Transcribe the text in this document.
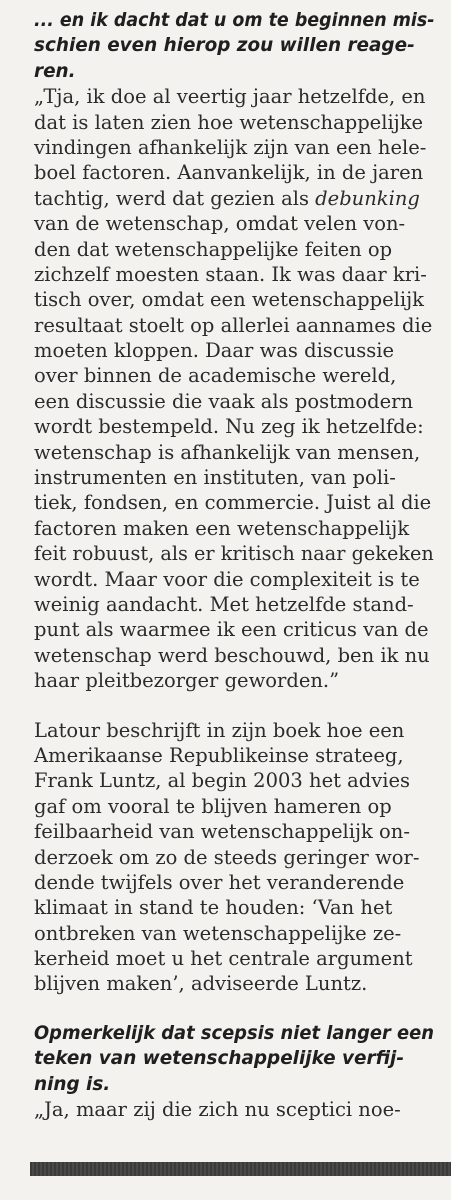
... en ik dacht dat u om te beginnen mis-
schien even hierop zou willen reage-
ren.
„Tja, ik doe al veertig jaar hetzelfde, en
dat is laten zien hoe wetenschappelijke
vindingen afhankelijk zijn van een hele-
boel factoren. Aanvankelijk, in de jaren
tachtig, werd dat gezien als debunking
van de wetenschap, omdat velen von-
den dat wetenschappelijke feiten op
zichzelf moesten staan. Ik was daar kri-
tisch over, omdat een wetenschappelijk
resultaat stoelt op allerlei aannames die
moeten kloppen. Daar was discussie
over binnen de academische wereld,
een discussie die vaak als postmodern
wordt bestempeld. Nu zeg ik hetzelfde:
wetenschap is afhankelijk van mensen,
instrumenten en instituten, van poli-
tiek, fondsen, en commercie. Juist al die
factoren maken een wetenschappelijk
feit robuust, als er kritisch naar gekeken
wordt. Maar voor die complexiteit is te
weinig aandacht. Met hetzelfde stand-
punt als waarmee ik een criticus van de
wetenschap werd beschouwd, ben ik nu
haar pleitbezorger geworden.”
Latour beschrijft in zijn boek hoe een
Amerikaanse Republikeinse strateeg,
Frank Luntz, al begin 2003 het advies
gaf om vooral te blijven hameren op
feilbaarheid van wetenschappelijk on-
derzoek om zo de steeds geringer wor-
dende twijfels over het veranderende
klimaat in stand te houden: ‘Van het
ontbreken van wetenschappelijke ze-
kerheid moet u het centrale argument
blijven maken’, adviseerde Luntz.
Opmerkelijk dat scepsis niet langer een
teken van wetenschappelijke verfij-
ning is.
„Ja, maar zij die zich nu sceptici noe-
